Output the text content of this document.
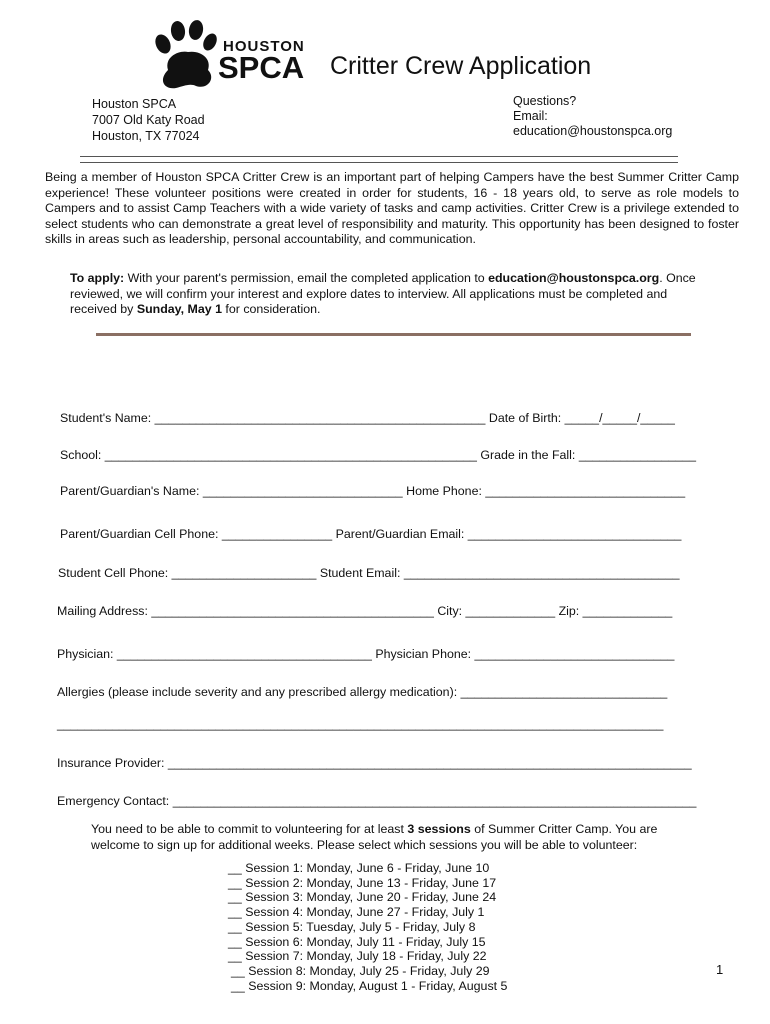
HOUSTON
SPCA Critter Crew Application
Houston SPCA
7007 Old Katy Road
Houston, TX 77024
Questions?
Email:
education@houstonspca.org
Being a member of Houston SPCA Critter Crew is an important part of helping Campers have the best Summer Critter Camp experience! These volunteer positions were created in order for students, 16 - 18 years old, to serve as role models to Campers and to assist Camp Teachers with a wide variety of tasks and camp activities. Critter Crew is a privilege extended to select students who can demonstrate a great level of responsibility and maturity. This opportunity has been designed to foster skills in areas such as leadership, personal accountability, and communication.
To apply: With your parent's permission, email the completed application to education@houstonspca.org. Once reviewed, we will confirm your interest and explore dates to interview. All applications must be completed and received by Sunday, May 1 for consideration.
Student's Name: ________________________________________________ Date of Birth: _____/_____/_____
School: ______________________________________________________ Grade in the Fall: _________________
Parent/Guardian's Name: _____________________________ Home Phone: _____________________________
Parent/Guardian Cell Phone: ________________ Parent/Guardian Email: _______________________________
Student Cell Phone: _____________________ Student Email: ________________________________________
Mailing Address: _________________________________________ City: _____________ Zip: _____________
Physician: _____________________________________ Physician Phone: _____________________________
Allergies (please include severity and any prescribed allergy medication): ______________________________
________________________________________________________________________________________
Insurance Provider: ____________________________________________________________________________
Emergency Contact: ____________________________________________________________________________
You need to be able to commit to volunteering for at least 3 sessions of Summer Critter Camp. You are welcome to sign up for additional weeks. Please select which sessions you will be able to volunteer:
__ Session 1: Monday, June 6 - Friday, June 10
__ Session 2: Monday, June 13 - Friday, June 17
__ Session 3: Monday, June 20 - Friday, June 24
__ Session 4: Monday, June 27 - Friday, July 1
__ Session 5: Tuesday, July 5 - Friday, July 8
__ Session 6: Monday, July 11 - Friday, July 15
__ Session 7: Monday, July 18 - Friday, July 22
__ Session 8: Monday, July 25 - Friday, July 29
__ Session 9: Monday, August 1 - Friday, August 5
1
